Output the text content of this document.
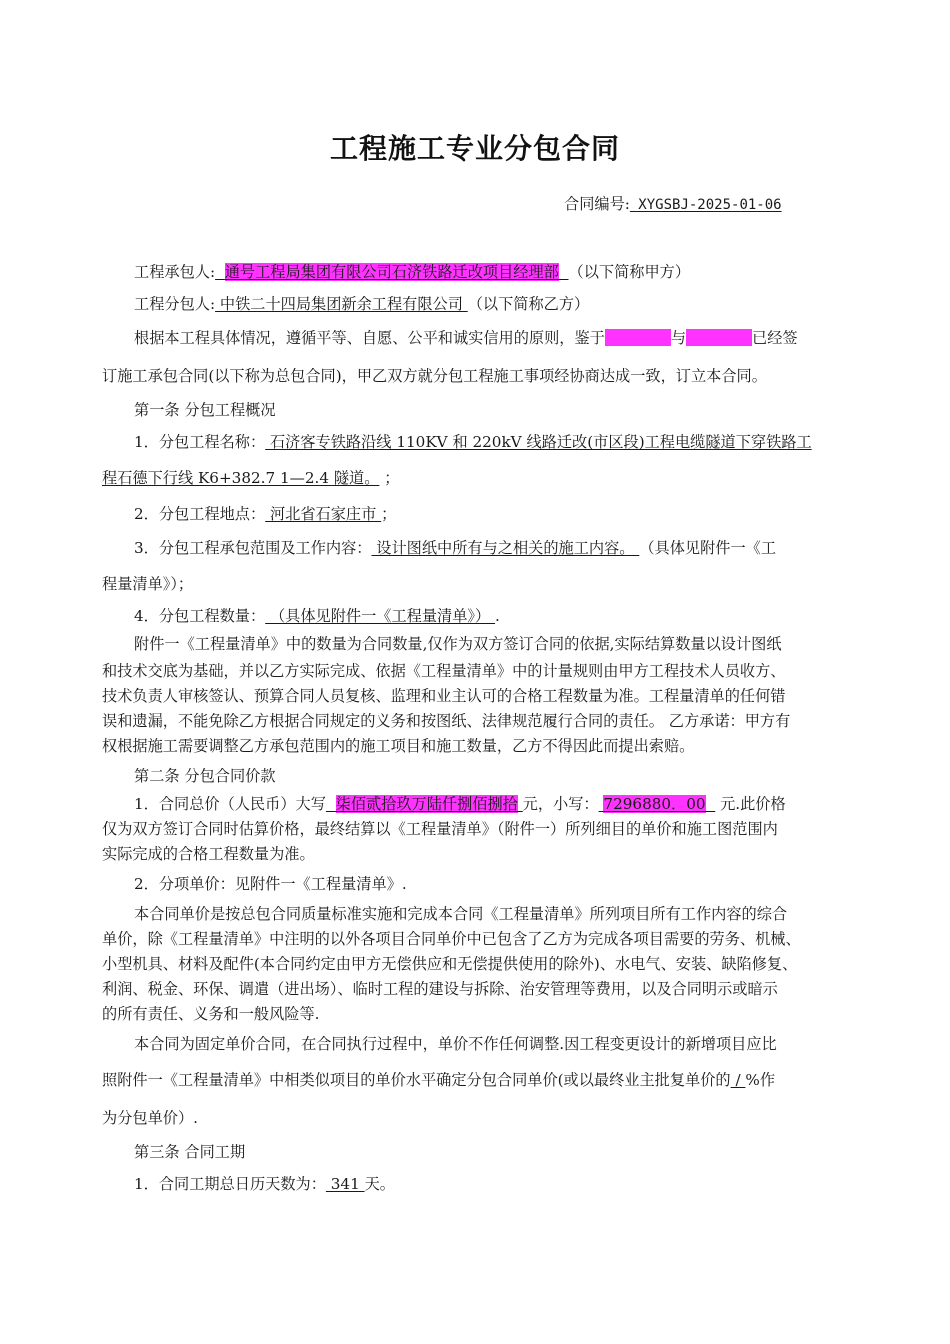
工程施工专业分包合同
合同编号: XYGSBJ-2025-01-06
工程承包人: 通号工程局集团有限公司石济铁路迁改项目经理部 （以下简称甲方）
工程分包人: 中铁二十四局集团新余工程有限公司 （以下简称乙方）
根据本工程具体情况，遵循平等、自愿、公平和诚实信用的原则，鉴于	与	已经签
订施工承包合同(以下称为总包合同)，甲乙双方就分包工程施工事项经协商达成一致，订立本合同。
第一条 分包工程概况
1．分包工程名称： 石济客专铁路沿线 110KV 和 220kV 线路迁改(市区段)工程电缆隧道下穿铁路工
程石德下行线 K6+382.7 1—2.4 隧道。 ；
2．分包工程地点： 河北省石家庄市 ；
3．分包工程承包范围及工作内容： 设计图纸中所有与之相关的施工内容。 （具体见附件一《工
程量清单》）；
4．分包工程数量： （具体见附件一《工程量清单》） .
附件一《工程量清单》中的数量为合同数量,仅作为双方签订合同的依据,实际结算数量以设计图纸
和技术交底为基础，并以乙方实际完成、依据《工程量清单》中的计量规则由甲方工程技术人员收方、
技术负责人审核签认、预算合同人员复核、监理和业主认可的合格工程数量为准。工程量清单的任何错
误和遗漏，不能免除乙方根据合同规定的义务和按图纸、法律规范履行合同的责任。 乙方承诺：甲方有
权根据施工需要调整乙方承包范围内的施工项目和施工数量，乙方不得因此而提出索赔。
第二条 分包合同价款
1．合同总价（人民币）大写 柒佰贰拾玖万陆仟捌佰捌拾 元，小写： 7296880．00 元.此价格
仅为双方签订合同时估算价格，最终结算以《工程量清单》（附件一）所列细目的单价和施工图范围内
实际完成的合格工程数量为准。
2．分项单价：见附件一《工程量清单》.
本合同单价是按总包合同质量标准实施和完成本合同《工程量清单》所列项目所有工作内容的综合
单价，除《工程量清单》中注明的以外各项目合同单价中已包含了乙方为完成各项目需要的劳务、机械、
小型机具、材料及配件(本合同约定由甲方无偿供应和无偿提供使用的除外)、水电气、安装、缺陷修复、
利润、税金、环保、调遣（进出场）、临时工程的建设与拆除、治安管理等费用，以及合同明示或暗示
的所有责任、义务和一般风险等.
本合同为固定单价合同，在合同执行过程中，单价不作任何调整.因工程变更设计的新增项目应比
照附件一《工程量清单》中相类似项目的单价水平确定分包合同单价(或以最终业主批复单价的 / %作
为分包单价）.
第三条 合同工期
1．合同工期总日历天数为： 341 天。
